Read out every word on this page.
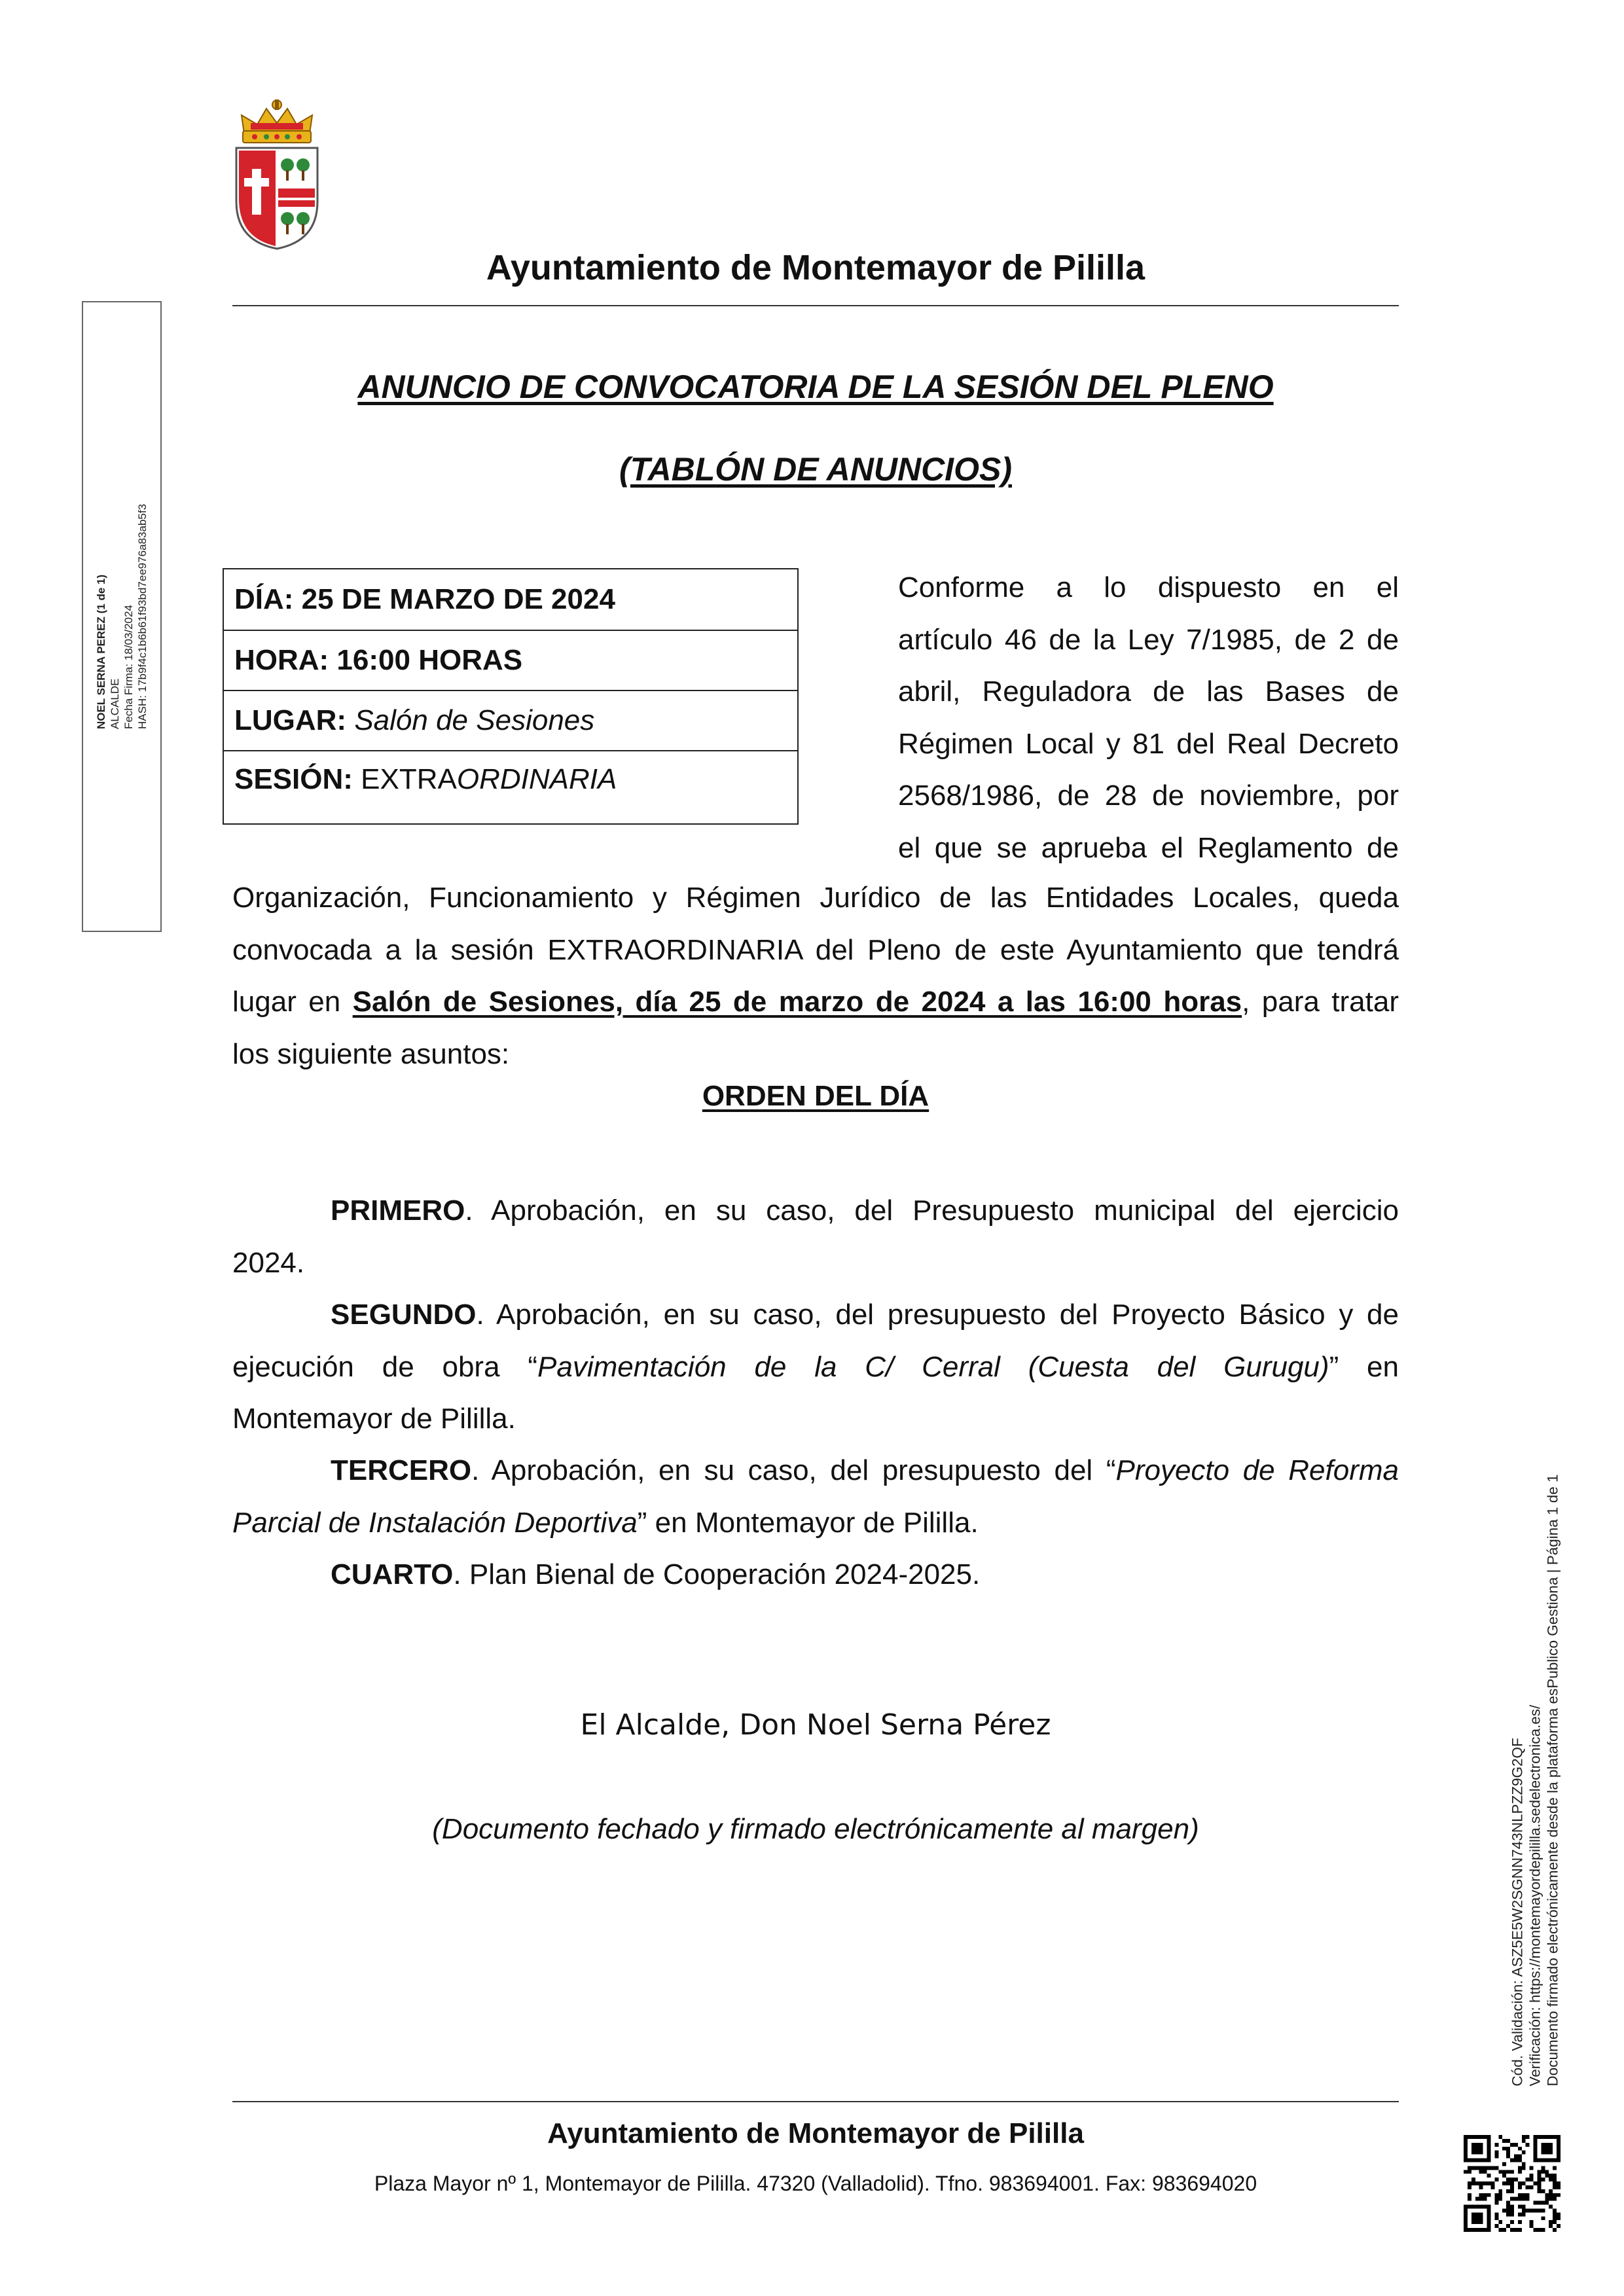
Ayuntamiento de Montemayor de Pililla
ANUNCIO DE CONVOCATORIA DE LA SESIÓN DEL PLENO
(TABLÓN DE ANUNCIOS)
NOEL SERNA PEREZ (1 de 1) ALCALDE Fecha Firma: 18/03/2024 HASH: 17b9f4c1b6b61f93bd7ee976a83ab5f3	DÍA: 25 DE MARZO DE 2024
HORA: 16:00 HORAS
LUGAR: Salón de Sesiones
SESIÓN: EXTRAORDINARIA
Conforme a lo dispuesto en el
artículo 46 de la Ley 7/1985, de 2 de
abril, Reguladora de las Bases de
Régimen Local y 81 del Real Decreto
2568/1986, de 28 de noviembre, por
el que se aprueba el Reglamento de
Organización, Funcionamiento y Régimen Jurídico de las Entidades Locales, queda
convocada a la sesión EXTRAORDINARIA del Pleno de este Ayuntamiento que tendrá
lugar en Salón de Sesiones, día 25 de marzo de 2024 a las 16:00 horas, para tratar
los siguiente asuntos:
ORDEN DEL DÍA
PRIMERO. Aprobación, en su caso, del Presupuesto municipal del ejercicio
2024.
SEGUNDO. Aprobación, en su caso, del presupuesto del Proyecto Básico y de
ejecución de obra “Pavimentación de la C/ Cerral (Cuesta del Gurugu)” en
Montemayor de Pililla.
TERCERO. Aprobación, en su caso, del presupuesto del “Proyecto de Reforma
Parcial de Instalación Deportiva” en Montemayor de Pililla.
CUARTO. Plan Bienal de Cooperación 2024-2025.
El Alcalde, Don Noel Serna Pérez
(Documento fechado y firmado electrónicamente al margen)
Ayuntamiento de Montemayor de Pililla
Plaza Mayor nº 1, Montemayor de Pililla. 47320 (Valladolid). Tfno. 983694001. Fax: 983694020
Cód. Validación: ASZ5E5W2SGNN743NLPZZ9G2QF Verificación: https://montemayordepililla.sedelectronica.es/ Documento firmado electrónicamente desde la plataforma esPublico Gestiona | Página 1 de 1
